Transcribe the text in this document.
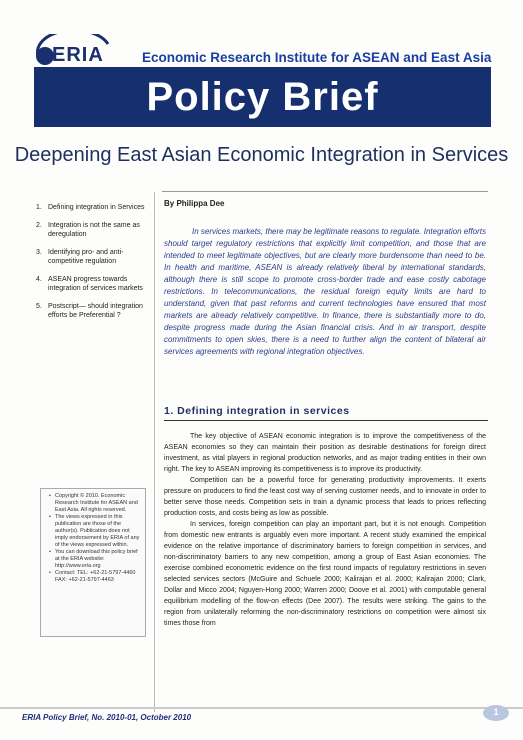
ERIA	Economic Research Institute for ASEAN and East Asia
Policy Brief
Deepening East Asian Economic Integration in Services
1. Defining integration in Services
2. Integration is not the same as deregulation
3. Identifying pro- and anti-competitive regulation
4. ASEAN progress towards integration of services markets
5. Postscript— should integration efforts be Preferential ?
By Philippa Dee

In services markets, there may be legitimate reasons to regulate. Integration efforts should target regulatory restrictions that explicitly limit competition, and those that are intended to meet legitimate objectives, but are clearly more burdensome than need to be. In health and maritime, ASEAN is already relatively liberal by international standards, although there is still scope to promote cross-border trade and ease costly cabotage restrictions. In telecommunications, the residual foreign equity limits are hard to understand, given that past reforms and current technologies have ensured that most markets are already relatively competitive. In finance, there is substantially more to do, despite progress made during the Asian financial crisis. And in air transport, despite commitments to open skies, there is a need to further align the content of bilateral air services agreements with regional integration objectives.

1. Defining integration in services

The key objective of ASEAN economic integration is to improve the competitiveness of the ASEAN economies so they can maintain their position as desirable destinations for foreign direct investment, as vital players in regional production networks, and as major trading entities in their own right. The key to ASEAN improving its competitiveness is to improve its productivity.

Competition can be a powerful force for generating productivity improvements. It exerts pressure on producers to find the least cost way of serving customer needs, and to innovate in order to better serve those needs. Competition sets in train a dynamic process that leads to prices reflecting production costs, and costs being as low as possible.

In services, foreign competition can play an important part, but it is not enough. Competition from domestic new entrants is arguably even more important. A recent study examined the empirical evidence on the relative importance of discriminatory barriers to foreign competition in services, and non-discriminatory barriers to any new competition, among a group of East Asian economies. The exercise combined econometric evidence on the first round impacts of regulatory restrictions in seven selected services sectors (McGuire and Schuele 2000; Kalirajan et al. 2000; Kalirajan 2000; Clark, Dollar and Micco 2004; Nguyen-Hong 2000; Warren 2000; Doove et al. 2001) with computable general equilibrium modelling of the flow-on effects (Dee 2007). The results were striking. The gains to the region from unilaterally reforming the non-discriminatory restrictions on competition were almost six times those from

• Copyright © 2010. Economic Research Institute for ASEAN and East Asia. All rights reserved.
• The views expressed in this publication are those of the author(s). Publication does not imply endorsement by ERIA of any of the views expressed within.
• You can download this policy brief at the ERIA website: http://www.eria.org
• Contact: TEL: +62-21-5797-4460 FAX: +62-21-5797-4463
ERIA Policy Brief, No. 2010-01, October 2010
1
